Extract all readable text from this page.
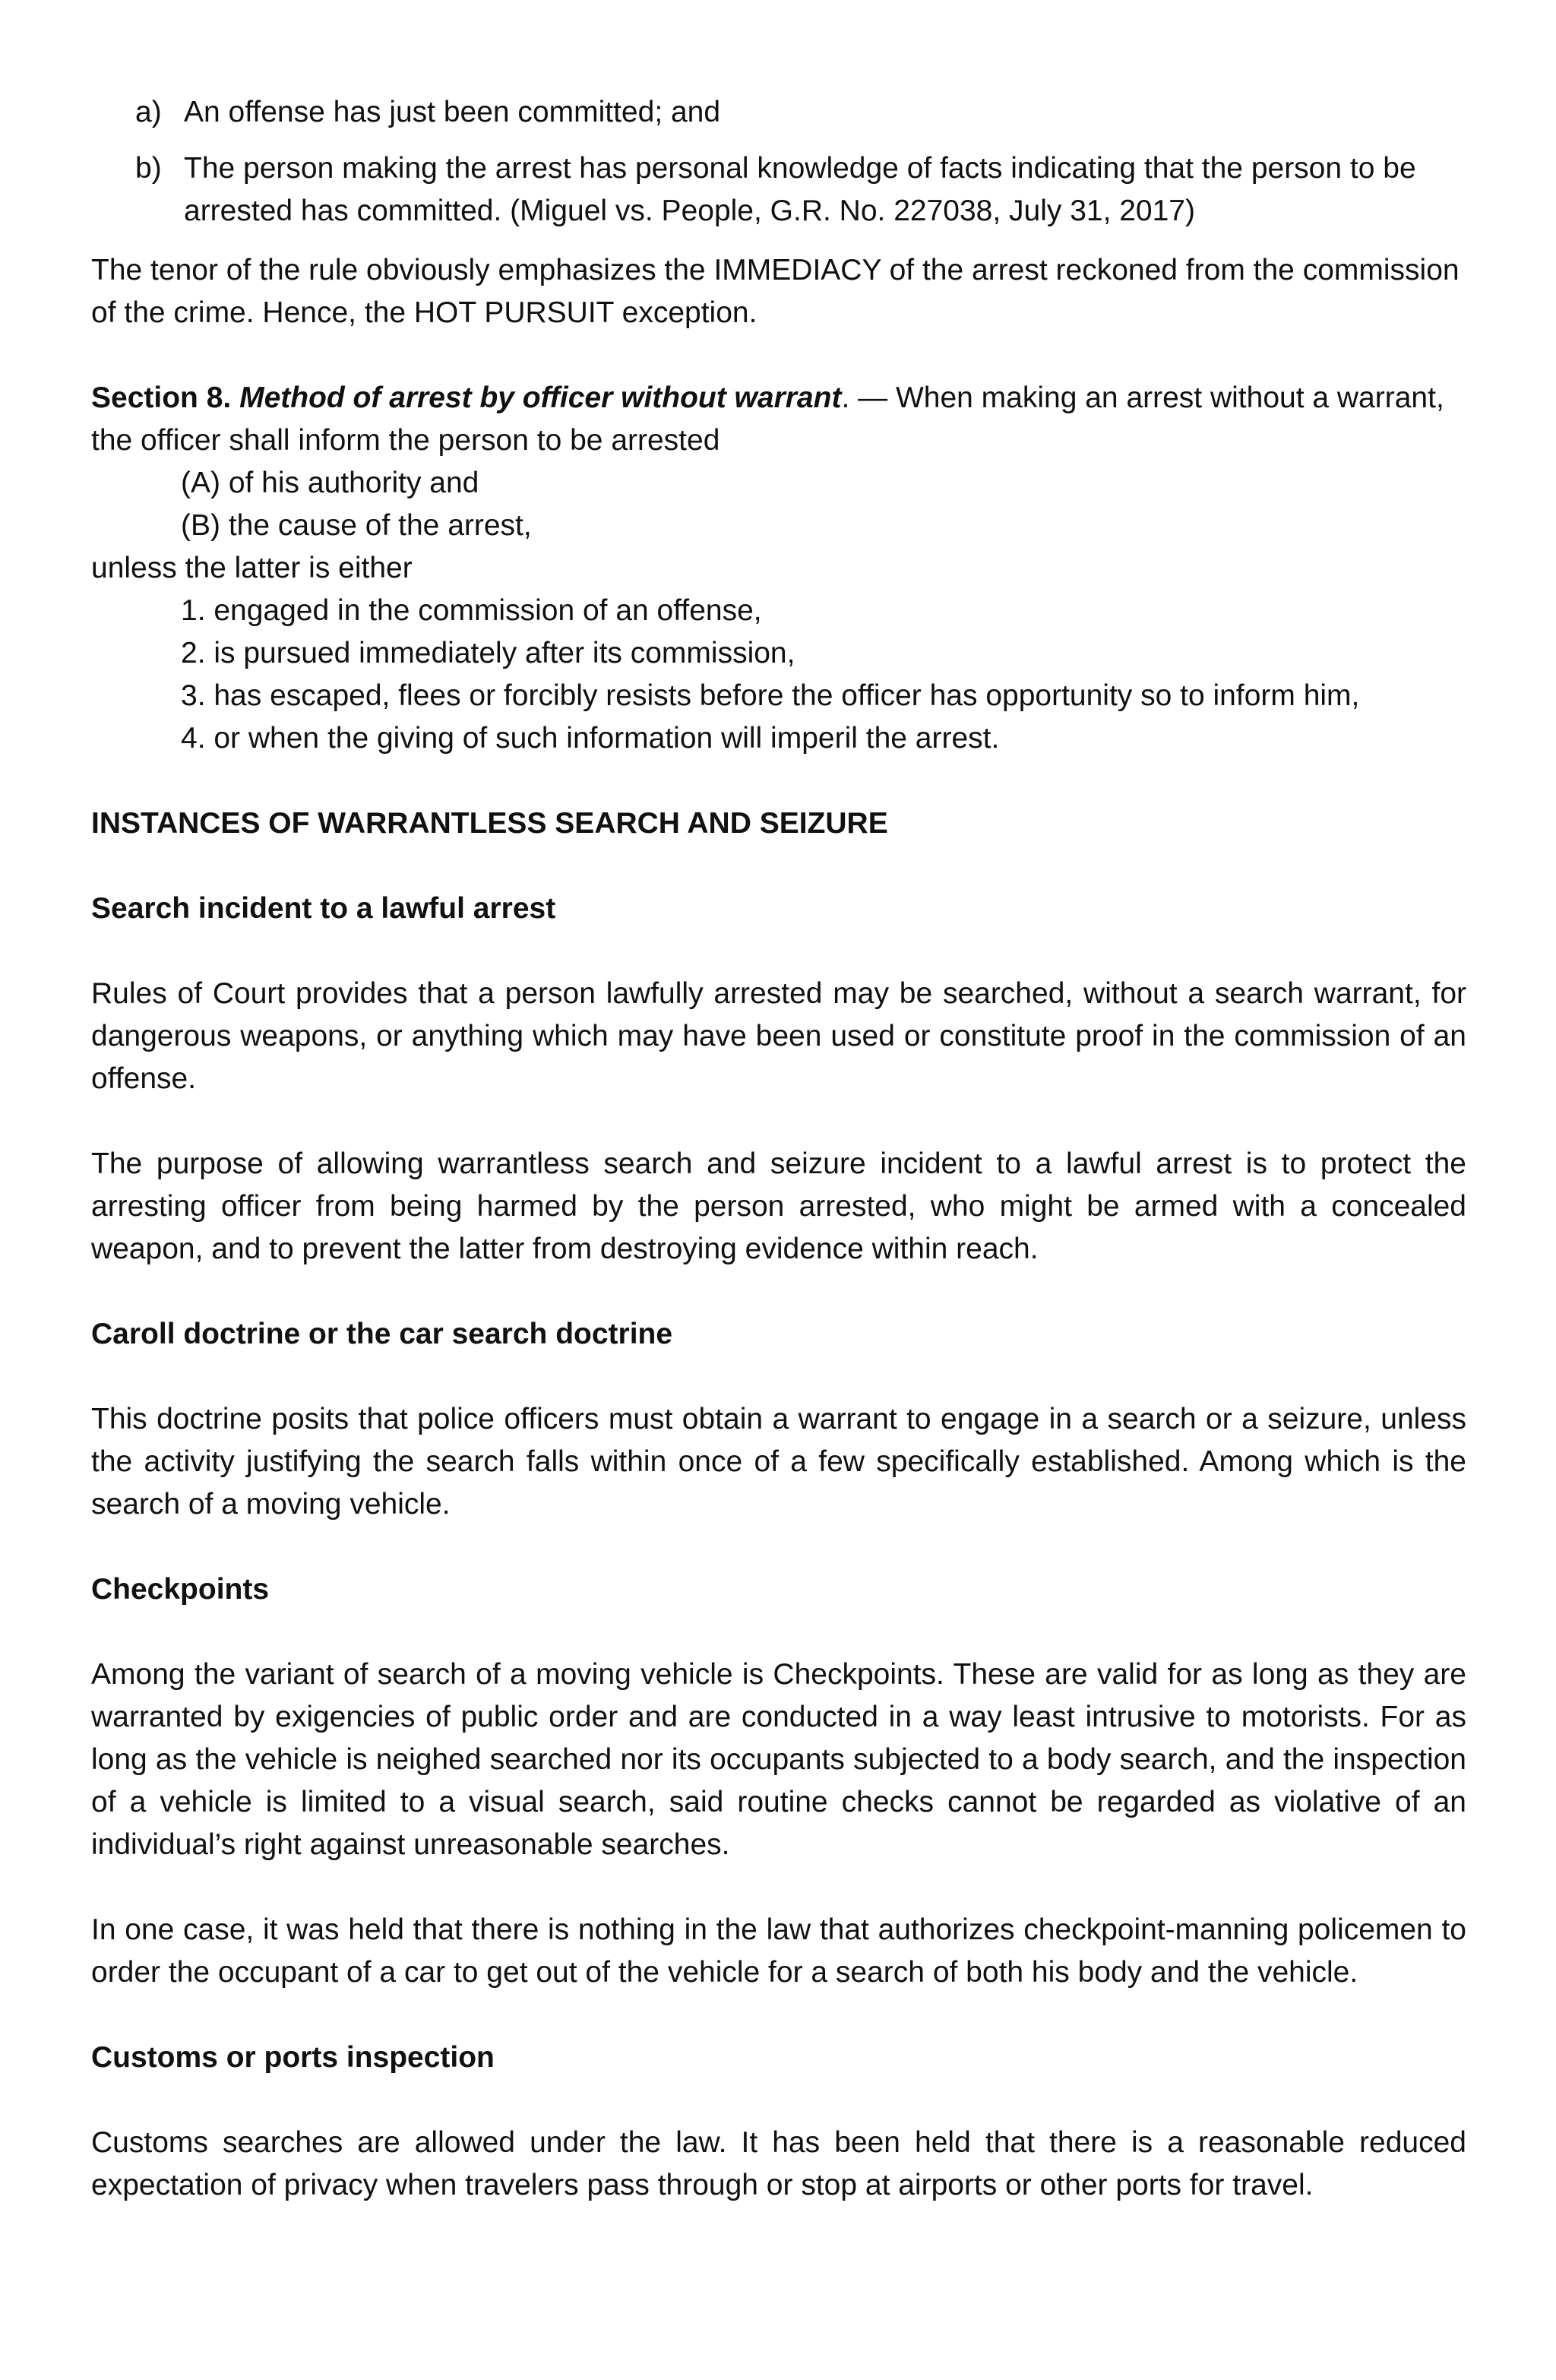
a) An offense has just been committed; and
b) The person making the arrest has personal knowledge of facts indicating that the person to be arrested has committed. (Miguel vs. People, G.R. No. 227038, July 31, 2017)

The tenor of the rule obviously emphasizes the IMMEDIACY of the arrest reckoned from the commission of the crime. Hence, the HOT PURSUIT exception.

Section 8. Method of arrest by officer without warrant. — When making an arrest without a warrant, the officer shall inform the person to be arrested

(A) of his authority and

(B) the cause of the arrest,

unless the latter is either

1. engaged in the commission of an offense,

2. is pursued immediately after its commission,

3. has escaped, flees or forcibly resists before the officer has opportunity so to inform him,

4. or when the giving of such information will imperil the arrest.

INSTANCES OF WARRANTLESS SEARCH AND SEIZURE

Search incident to a lawful arrest

Rules of Court provides that a person lawfully arrested may be searched, without a search warrant, for dangerous weapons, or anything which may have been used or constitute proof in the commission of an offense.

The purpose of allowing warrantless search and seizure incident to a lawful arrest is to protect the arresting officer from being harmed by the person arrested, who might be armed with a concealed weapon, and to prevent the latter from destroying evidence within reach.

Caroll doctrine or the car search doctrine

This doctrine posits that police officers must obtain a warrant to engage in a search or a seizure, unless the activity justifying the search falls within once of a few specifically established. Among which is the search of a moving vehicle.

Checkpoints

Among the variant of search of a moving vehicle is Checkpoints. These are valid for as long as they are warranted by exigencies of public order and are conducted in a way least intrusive to motorists. For as long as the vehicle is neighed searched nor its occupants subjected to a body search, and the inspection of a vehicle is limited to a visual search, said routine checks cannot be regarded as violative of an individual’s right against unreasonable searches.

In one case, it was held that there is nothing in the law that authorizes checkpoint-manning policemen to order the occupant of a car to get out of the vehicle for a search of both his body and the vehicle.

Customs or ports inspection

Customs searches are allowed under the law. It has been held that there is a reasonable reduced expectation of privacy when travelers pass through or stop at airports or other ports for travel.
